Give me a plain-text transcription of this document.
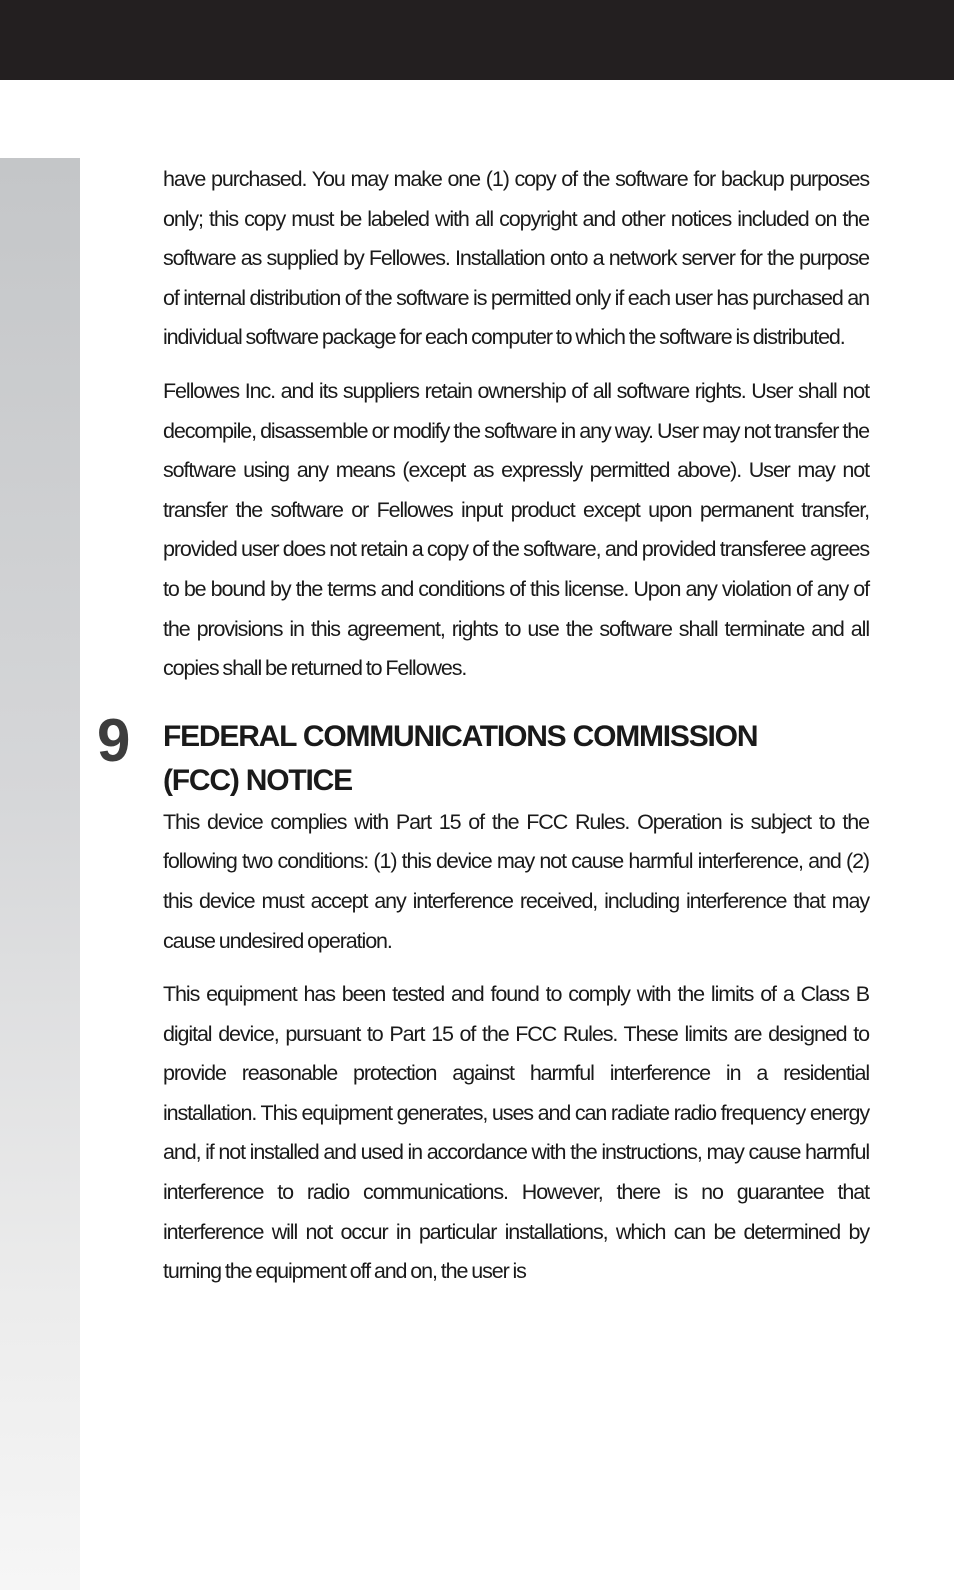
have purchased. You may make one (1) copy of the software for backup purposes only; this copy must be labeled with all copyright and other notices included on the software as supplied by Fellowes. Installation onto a network server for the purpose of internal distribution of the software is permitted only if each user has purchased an individual software package for each computer to which the software is distributed.

Fellowes Inc. and its suppliers retain ownership of all software rights. User shall not decompile, disassemble or modify the software in any way. User may not transfer the software using any means (except as expressly permitted above). User may not transfer the software or Fellowes input product except upon permanent transfer, provided user does not retain a copy of the software, and provided transferee agrees to be bound by the terms and conditions of this license. Upon any violation of any of the provisions in this agreement, rights to use the software shall terminate and all copies shall be returned to Fellowes.

9 FEDERAL COMMUNICATIONS COMMISSION
(FCC) NOTICE

This device complies with Part 15 of the FCC Rules. Operation is subject to the following two conditions: (1) this device may not cause harmful interference, and (2) this device must accept any interference received, including interference that may cause undesired operation.

This equipment has been tested and found to comply with the limits of a Class B digital device, pursuant to Part 15 of the FCC Rules. These limits are designed to provide reasonable protection against harmful interference in a residential installation. This equipment generates, uses and can radiate radio frequency energy and, if not installed and used in accordance with the instructions, may cause harmful interference to radio communications. However, there is no guarantee that interference will not occur in particular installations, which can be determined by turning the equipment off and on, the user is
